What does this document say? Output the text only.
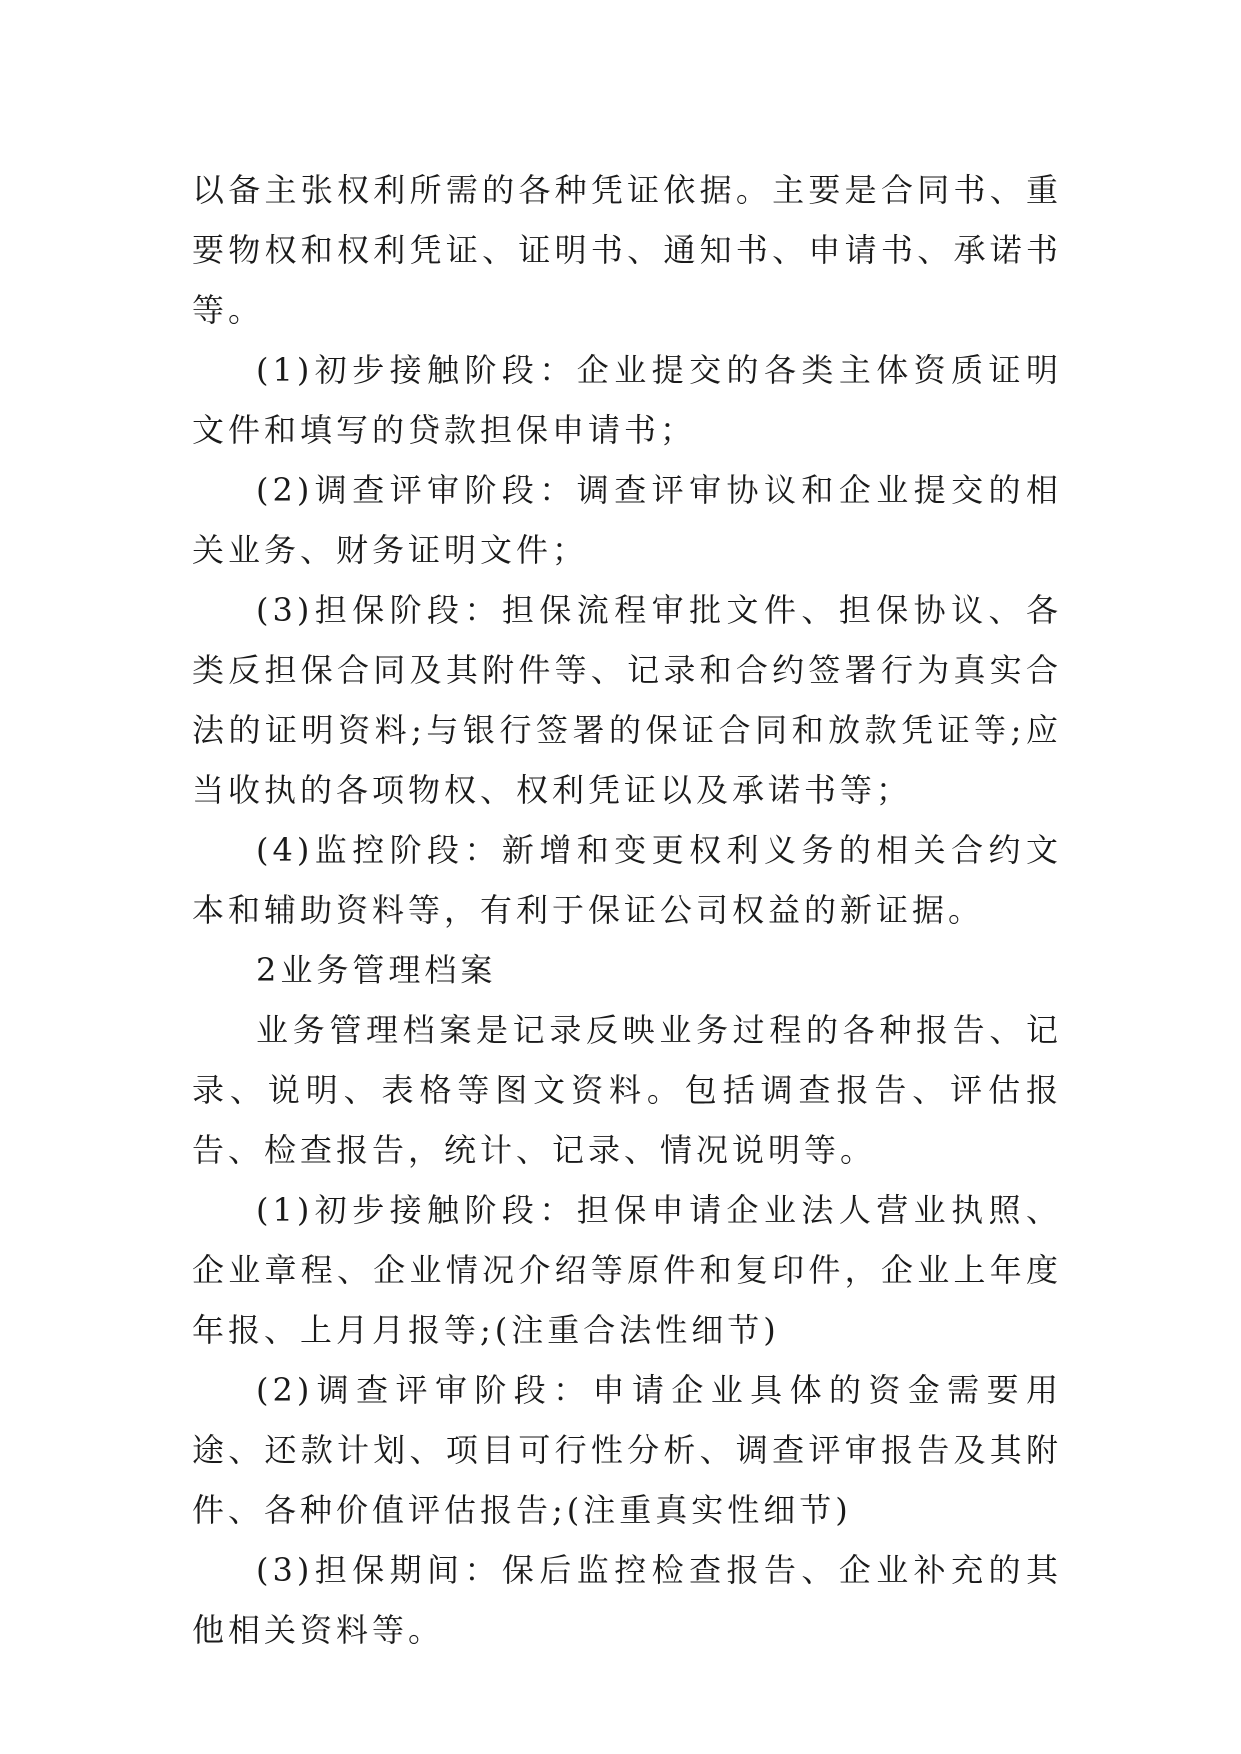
以备主张权利所需的各种凭证依据。主要是合同书、重要物权和权利凭证、证明书、通知书、申请书、承诺书等。

(1)初步接触阶段：企业提交的各类主体资质证明文件和填写的贷款担保申请书；

(2)调查评审阶段：调查评审协议和企业提交的相关业务、财务证明文件；

(3)担保阶段：担保流程审批文件、担保协议、各类反担保合同及其附件等、记录和合约签署行为真实合法的证明资料;与银行签署的保证合同和放款凭证等;应当收执的各项物权、权利凭证以及承诺书等；

(4)监控阶段：新增和变更权利义务的相关合约文本和辅助资料等，有利于保证公司权益的新证据。

2业务管理档案

业务管理档案是记录反映业务过程的各种报告、记录、说明、表格等图文资料。包括调查报告、评估报告、检查报告，统计、记录、情况说明等。

(1)初步接触阶段：担保申请企业法人营业执照、企业章程、企业情况介绍等原件和复印件，企业上年度年报、上月月报等;(注重合法性细节)

(2)调查评审阶段：申请企业具体的资金需要用途、还款计划、项目可行性分析、调查评审报告及其附件、各种价值评估报告;(注重真实性细节)

(3)担保期间：保后监控检查报告、企业补充的其他相关资料等。
